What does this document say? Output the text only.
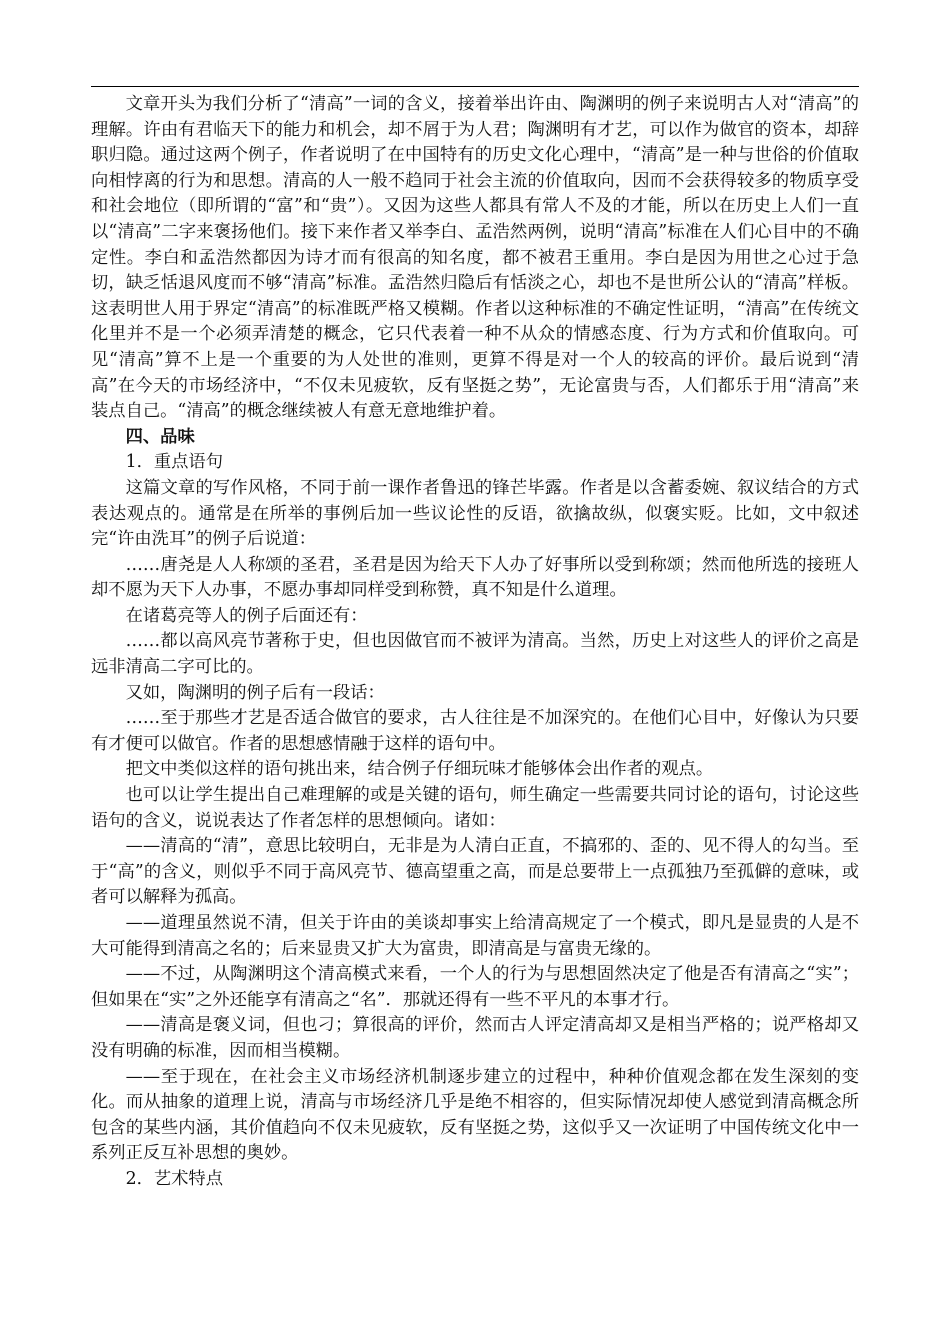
文章开头为我们分析了“清高”一词的含义，接着举出许由、陶渊明的例子来说明古人对“清高”的理解。许由有君临天下的能力和机会，却不屑于为人君；陶渊明有才艺，可以作为做官的资本，却辞职归隐。通过这两个例子，作者说明了在中国特有的历史文化心理中，“清高”是一种与世俗的价值取向相悖离的行为和思想。清高的人一般不趋同于社会主流的价值取向，因而不会获得较多的物质享受和社会地位（即所谓的“富”和“贵”）。又因为这些人都具有常人不及的才能，所以在历史上人们一直以“清高”二字来褒扬他们。接下来作者又举李白、孟浩然两例，说明“清高”标准在人们心目中的不确定性。李白和孟浩然都因为诗才而有很高的知名度，都不被君王重用。李白是因为用世之心过于急切，缺乏恬退风度而不够“清高”标准。孟浩然归隐后有恬淡之心，却也不是世所公认的“清高”样板。这表明世人用于界定“清高”的标准既严格又模糊。作者以这种标准的不确定性证明，“清高”在传统文化里并不是一个必须弄清楚的概念，它只代表着一种不从众的情感态度、行为方式和价值取向。可见“清高”算不上是一个重要的为人处世的准则，更算不得是对一个人的较高的评价。最后说到“清高”在今天的市场经济中，“不仅未见疲软，反有坚挺之势”，无论富贵与否，人们都乐于用“清高”来装点自己。“清高”的概念继续被人有意无意地维护着。

四、品味

1．重点语句

这篇文章的写作风格，不同于前一课作者鲁迅的锋芒毕露。作者是以含蓄委婉、叙议结合的方式表达观点的。通常是在所举的事例后加一些议论性的反语，欲擒故纵，似褒实贬。比如，文中叙述完“许由洗耳”的例子后说道：

……唐尧是人人称颂的圣君，圣君是因为给天下人办了好事所以受到称颂；然而他所选的接班人却不愿为天下人办事，不愿办事却同样受到称赞，真不知是什么道理。

在诸葛亮等人的例子后面还有：

……都以高风亮节著称于史，但也因做官而不被评为清高。当然，历史上对这些人的评价之高是远非清高二字可比的。

又如，陶渊明的例子后有一段话：

……至于那些才艺是否适合做官的要求，古人往往是不加深究的。在他们心目中，好像认为只要有才便可以做官。作者的思想感情融于这样的语句中。

把文中类似这样的语句挑出来，结合例子仔细玩味才能够体会出作者的观点。

也可以让学生提出自己难理解的或是关键的语句，师生确定一些需要共同讨论的语句，讨论这些语句的含义，说说表达了作者怎样的思想倾向。诸如：

——清高的“清”，意思比较明白，无非是为人清白正直，不搞邪的、歪的、见不得人的勾当。至于“高”的含义，则似乎不同于高风亮节、德高望重之高，而是总要带上一点孤独乃至孤僻的意味，或者可以解释为孤高。

——道理虽然说不清，但关于许由的美谈却事实上给清高规定了一个模式，即凡是显贵的人是不大可能得到清高之名的；后来显贵又扩大为富贵，即清高是与富贵无缘的。

——不过，从陶渊明这个清高模式来看，一个人的行为与思想固然决定了他是否有清高之“实”；但如果在“实”之外还能享有清高之“名”．那就还得有一些不平凡的本事才行。

——清高是褒义词，但也刁；算很高的评价，然而古人评定清高却又是相当严格的；说严格却又没有明确的标准，因而相当模糊。

——至于现在，在社会主义市场经济机制逐步建立的过程中，种种价值观念都在发生深刻的变化。而从抽象的道理上说，清高与市场经济几乎是绝不相容的，但实际情况却使人感觉到清高概念所包含的某些内涵，其价值趋向不仅未见疲软，反有坚挺之势，这似乎又一次证明了中国传统文化中一系列正反互补思想的奥妙。

2．艺术特点
